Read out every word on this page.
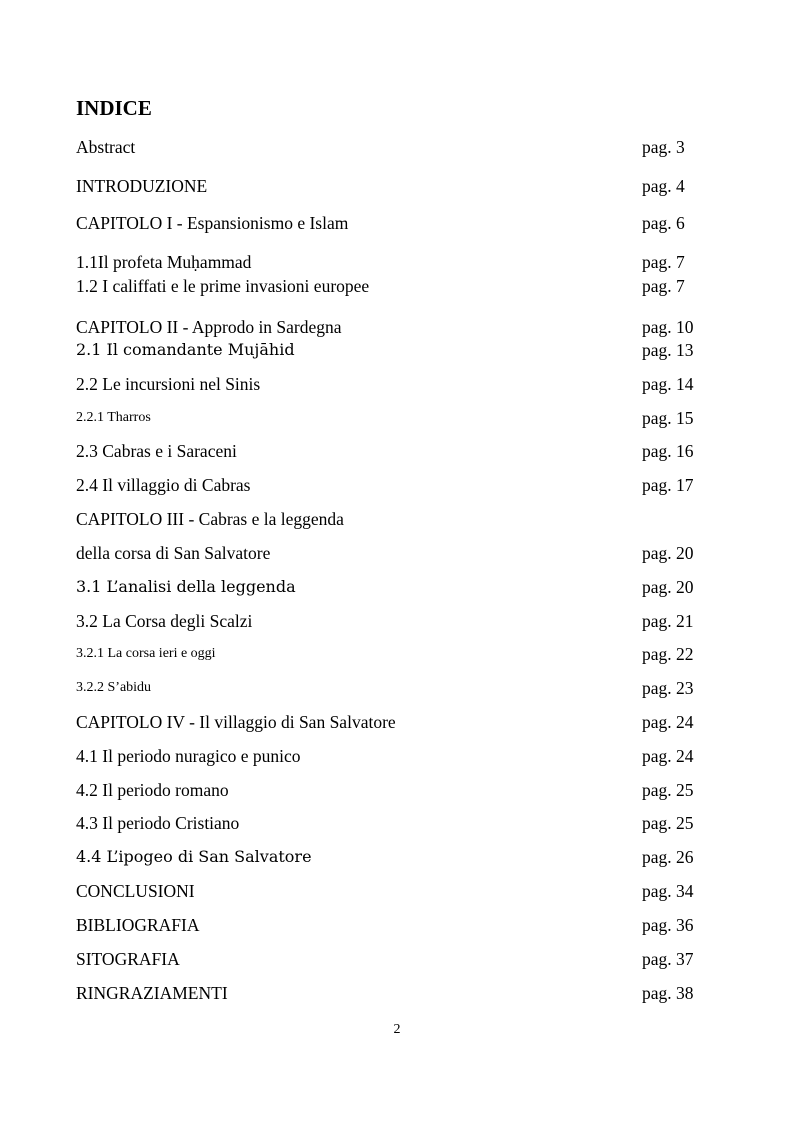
INDICE
Abstract	pag. 3
INTRODUZIONE	pag. 4
CAPITOLO I - Espansionismo e Islam	pag. 6
1.1Il profeta Muḥammad	pag. 7
1.2 I califfati e le prime invasioni europee	pag. 7
CAPITOLO II - Approdo in Sardegna	pag. 10
2.1 Il comandante Mujāhid	pag. 13
2.2 Le incursioni nel Sinis	pag. 14
2.2.1 Tharros	pag. 15
2.3 Cabras e i Saraceni	pag. 16
2.4 Il villaggio di Cabras	pag. 17
CAPITOLO III - Cabras e la leggenda
della corsa di San Salvatore	pag. 20
3.1 L’analisi della leggenda	pag. 20
3.2 La Corsa degli Scalzi	pag. 21
3.2.1 La corsa ieri e oggi	pag. 22
3.2.2 S’abidu	pag. 23
CAPITOLO IV - Il villaggio di San Salvatore	pag. 24
4.1 Il periodo nuragico e punico	pag. 24
4.2 Il periodo romano	pag. 25
4.3 Il periodo Cristiano	pag. 25
4.4 L’ipogeo di San Salvatore	pag. 26
CONCLUSIONI	pag. 34
BIBLIOGRAFIA	pag. 36
SITOGRAFIA	pag. 37
RINGRAZIAMENTI	pag. 38
2
